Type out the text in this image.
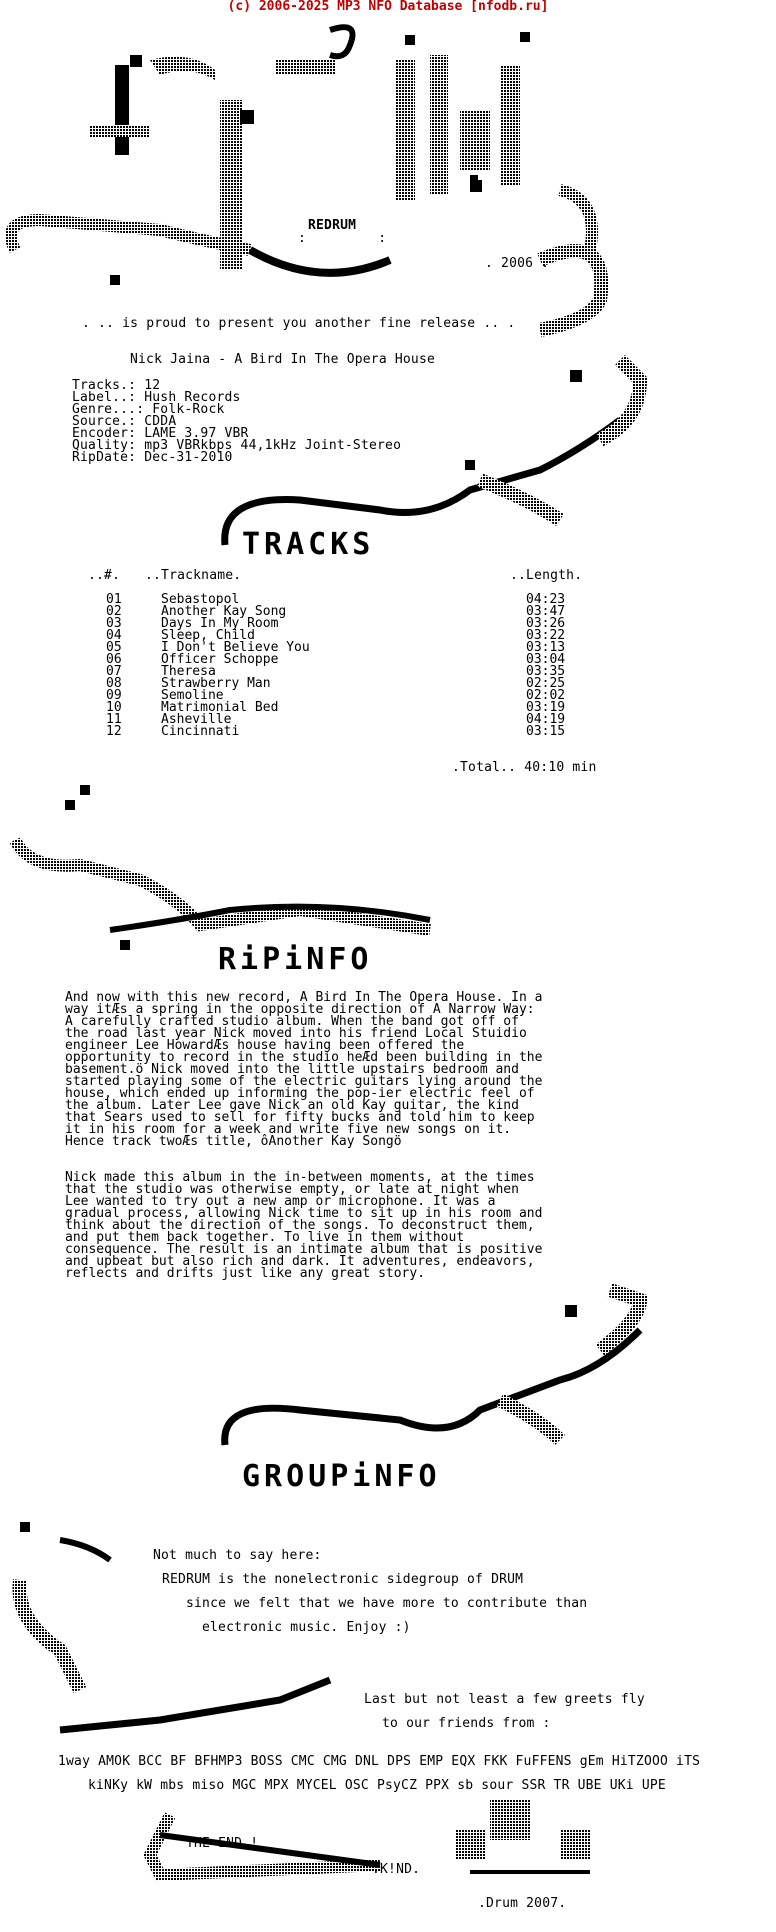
(c) 2006-2025 MP3 NFO Database [nfodb.ru]
REDRUM
:         :
. 2006 .
. .. is proud to present you another fine release .. .
Nick Jaina - A Bird In The Opera House
Tracks.: 12
Label..: Hush Records
Genre...: Folk-Rock
Source.: CDDA
Encoder: LAME 3.97 VBR
Quality: mp3 VBRkbps 44,1kHz Joint-Stereo
RipDate: Dec-31-2010
TRACKS
..#. ..Trackname.	..Length.
01	Sebastopol	04:23
02	Another Kay Song	03:47
03	Days In My Room	03:26
04	Sleep, Child	03:22
05	I Don't Believe You	03:13
06	Officer Schoppe	03:04
07	Theresa	03:35
08	Strawberry Man	02:25
09	Semoline	02:02
10	Matrimonial Bed	03:19
11	Asheville	04:19
12	Cincinnati	03:15
.Total.. 40:10 min
RiPiNFO
And now with this new record, A Bird In The Opera House. In a way itÆs a spring in the opposite direction of A Narrow Way: A carefully crafted studio album. When the band got off of the road last year Nick moved into his friend Local Stuidio engineer Lee HowardÆs house having been offered the opportunity to record in the studio heÆd been building in the basement.ö Nick moved into the little upstairs bedroom and started playing some of the electric guitars lying around the house, which ended up informing the pop-ier electric feel of the album. Later Lee gave Nick an old Kay guitar, the kind that Sears used to sell for fifty bucks and told him to keep it in his room for a week and write five new songs on it. Hence track twoÆs title, ôAnother Kay Songö
Nick made this album in the in-between moments, at the times that the studio was otherwise empty, or late at night when Lee wanted to try out a new amp or microphone. It was a gradual process, allowing Nick time to sit up in his room and think about the direction of the songs. To deconstruct them, and put them back together. To live in them without consequence. The result is an intimate album that is positive and upbeat but also rich and dark. It adventures, endeavors, reflects and drifts just like any great story.
GROUPiNFO
Not much to say here:
REDRUM is the nonelectronic sidegroup of DRUM
since we felt that we have more to contribute than
electronic music. Enjoy :)
Last but not least a few greets fly
to our friends from :
1way AMOK BCC BF BFHMP3 BOSS CMC CMG DNL DPS EMP EQX FKK FuFFENS gEm HiTZOOO iTS
kiNKy kW mbs miso MGC MPX MYCEL OSC PsyCZ PPX sb sour SSR TR UBE UKi UPE
THE END !
.K!ND.
.Drum 2007.
